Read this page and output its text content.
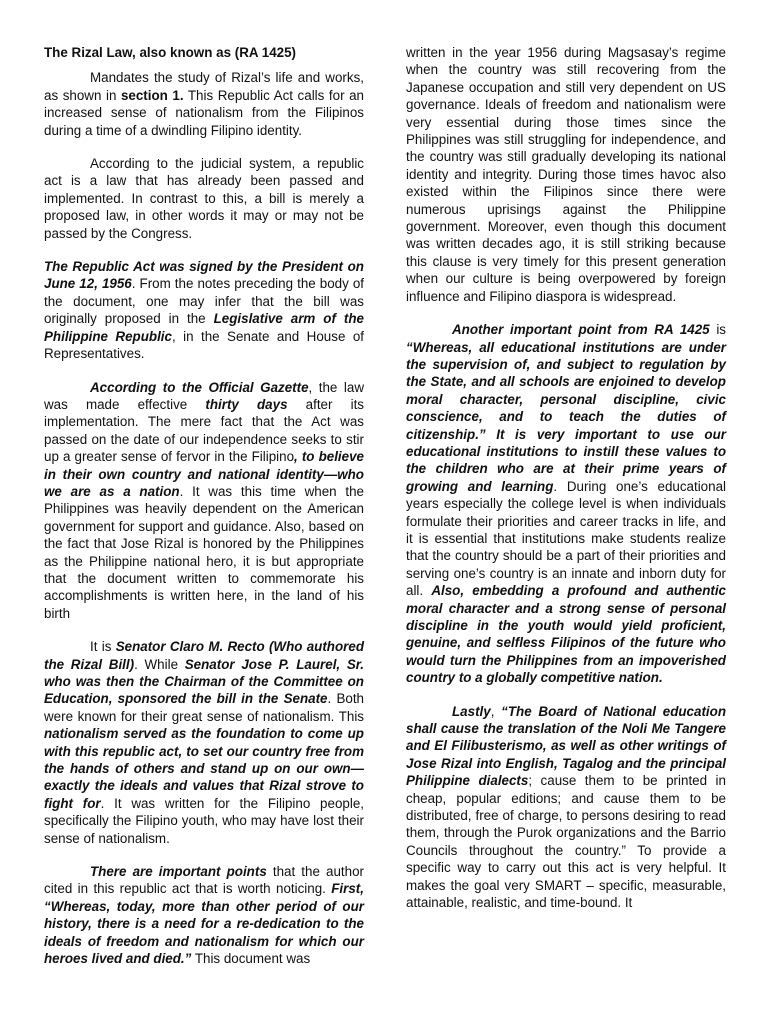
The Rizal Law, also known as (RA 1425)

Mandates the study of Rizal’s life and works, as shown in section 1. This Republic Act calls for an increased sense of nationalism from the Filipinos during a time of a dwindling Filipino identity.

According to the judicial system, a republic act is a law that has already been passed and implemented. In contrast to this, a bill is merely a proposed law, in other words it may or may not be passed by the Congress.

The Republic Act was signed by the President on June 12, 1956. From the notes preceding the body of the document, one may infer that the bill was originally proposed in the Legislative arm of the Philippine Republic, in the Senate and House of Representatives.

According to the Official Gazette, the law was made effective thirty days after its implementation. The mere fact that the Act was passed on the date of our independence seeks to stir up a greater sense of fervor in the Filipino, to believe in their own country and national identity—who we are as a nation. It was this time when the Philippines was heavily dependent on the American government for support and guidance. Also, based on the fact that Jose Rizal is honored by the Philippines as the Philippine national hero, it is but appropriate that the document written to commemorate his accomplishments is written here, in the land of his birth

It is Senator Claro M. Recto (Who authored the Rizal Bill). While Senator Jose P. Laurel, Sr. who was then the Chairman of the Committee on Education, sponsored the bill in the Senate. Both were known for their great sense of nationalism. This nationalism served as the foundation to come up with this republic act, to set our country free from the hands of others and stand up on our own—exactly the ideals and values that Rizal strove to fight for. It was written for the Filipino people, specifically the Filipino youth, who may have lost their sense of nationalism.

There are important points that the author cited in this republic act that is worth noticing. First, “Whereas, today, more than other period of our history, there is a need for a re-dedication to the ideals of freedom and nationalism for which our heroes lived and died.” This document was

written in the year 1956 during Magsasay’s regime when the country was still recovering from the Japanese occupation and still very dependent on US governance. Ideals of freedom and nationalism were very essential during those times since the Philippines was still struggling for independence, and the country was still gradually developing its national identity and integrity. During those times havoc also existed within the Filipinos since there were numerous uprisings against the Philippine government. Moreover, even though this document was written decades ago, it is still striking because this clause is very timely for this present generation when our culture is being overpowered by foreign influence and Filipino diaspora is widespread.

Another important point from RA 1425 is “Whereas, all educational institutions are under the supervision of, and subject to regulation by the State, and all schools are enjoined to develop moral character, personal discipline, civic conscience, and to teach the duties of citizenship.” It is very important to use our educational institutions to instill these values to the children who are at their prime years of growing and learning. During one’s educational years especially the college level is when individuals formulate their priorities and career tracks in life, and it is essential that institutions make students realize that the country should be a part of their priorities and serving one’s country is an innate and inborn duty for all. Also, embedding a profound and authentic moral character and a strong sense of personal discipline in the youth would yield proficient, genuine, and selfless Filipinos of the future who would turn the Philippines from an impoverished country to a globally competitive nation.

Lastly, “The Board of National education shall cause the translation of the Noli Me Tangere and El Filibusterismo, as well as other writings of Jose Rizal into English, Tagalog and the principal Philippine dialects; cause them to be printed in cheap, popular editions; and cause them to be distributed, free of charge, to persons desiring to read them, through the Purok organizations and the Barrio Councils throughout the country.” To provide a specific way to carry out this act is very helpful. It makes the goal very SMART – specific, measurable, attainable, realistic, and time-bound. It
